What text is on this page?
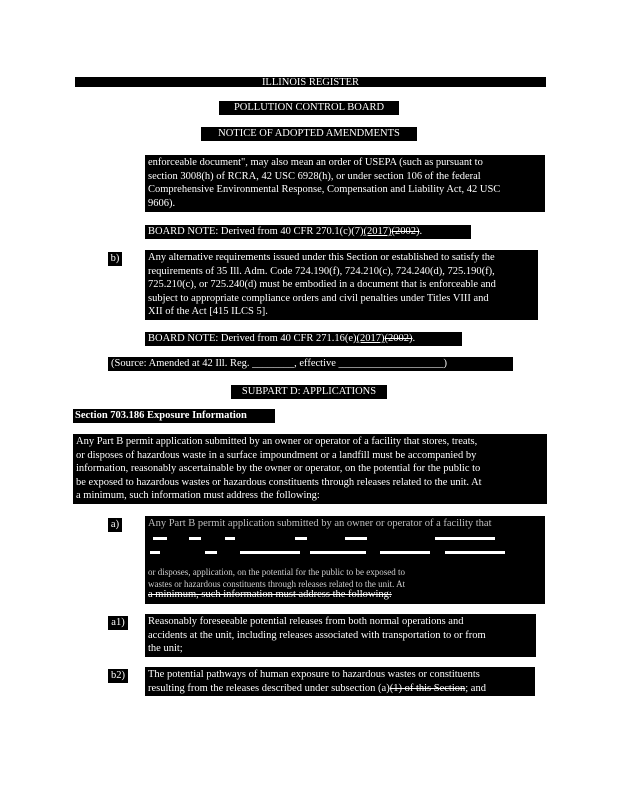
ILLINOIS REGISTER
POLLUTION CONTROL BOARD
NOTICE OF ADOPTED AMENDMENTS
enforceable document", may also mean an order of USEPA (such as pursuant to
section 3008(h) of RCRA, 42 USC 6928(h), or under section 106 of the federal
Comprehensive Environmental Response, Compensation and Liability Act, 42 USC
9606).
BOARD NOTE: Derived from 40 CFR 270.1(c)(7)(2017)(2002).
b)	Any alternative requirements issued under this Section or established to satisfy the
requirements of 35 Ill. Adm. Code 724.190(f), 724.210(c), 724.240(d), 725.190(f),
725.210(c), or 725.240(d) must be embodied in a document that is enforceable and
subject to appropriate compliance orders and civil penalties under Titles VIII and
XII of the Act [415 ILCS 5].
BOARD NOTE: Derived from 40 CFR 271.16(e)(2017)(2002).
(Source: Amended at 42 Ill. Reg. ________, effective ____________________)
SUBPART D: APPLICATIONS
Section 703.186 Exposure Information
Any Part B permit application submitted by an owner or operator of a facility that stores, treats,
or disposes of hazardous waste in a surface impoundment or a landfill must be accompanied by
information, reasonably ascertainable by the owner or operator, on the potential for the public to
be exposed to hazardous wastes or hazardous constituents through releases related to the unit. At
a minimum, such information must address the following:
a)	Any Part B permit application submitted by an owner or operator of a facility that
or disposes, application, on the potential for the public to be exposed to
wastes or hazardous constituents through releases related to the unit. At
a minimum, such information must address the following:
a1)	Reasonably foreseeable potential releases from both normal operations and
accidents at the unit, including releases associated with transportation to or from
the unit;
b2) The potential pathways of human exposure to hazardous wastes or constituents
resulting from the releases described under subsection (a)(1) of this Section; and
